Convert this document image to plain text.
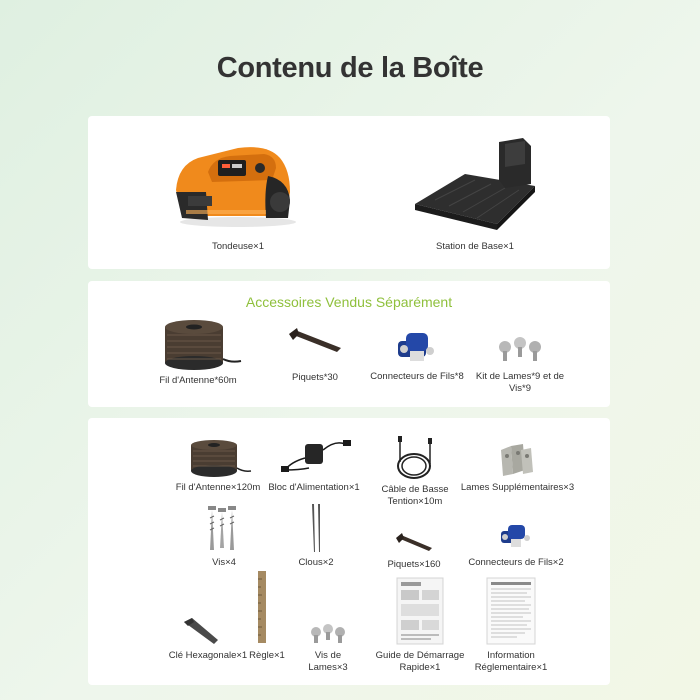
Contenu de la Boîte
Tondeuse×1	Station de Base×1
Accessoires Vendus Séparément
Fil d'Antenne*60m	Piquets*30	Connecteurs de Fils*8	Kit de Lames*9 et de Vis*9
Fil d'Antenne×120m Bloc d'Alimentation×1	Câble de Basse Tention×10m
Lames Supplémentaires×3
Vis×4	Clous×2	Piquets×160	Connecteurs de Fils×2
Clé Hexagonale×1 Règle×1	Vis de Lames×3
Guide de Démarrage Rapide×1
Information Réglementaire×1
